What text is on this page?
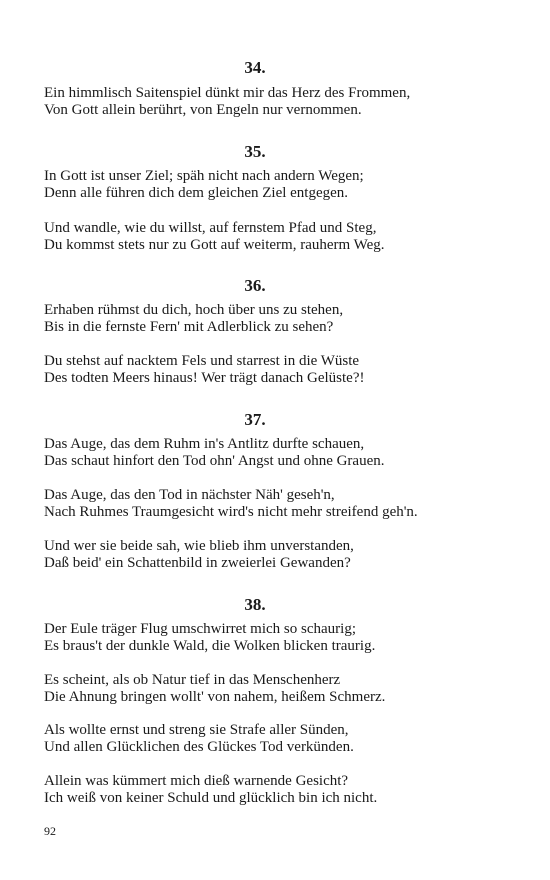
34.

Ein himmlisch Saitenspiel dünkt mir das Herz des Frommen,
Von Gott allein berührt, von Engeln nur vernommen.

35.

In Gott ist unser Ziel; späh nicht nach andern Wegen;
Denn alle führen dich dem gleichen Ziel entgegen.

Und wandle, wie du willst, auf fernstem Pfad und Steg,
Du kommst stets nur zu Gott auf weiterm, rauherm Weg.

36.

Erhaben rühmst du dich, hoch über uns zu stehen,
Bis in die fernste Fern' mit Adlerblick zu sehen?

Du stehst auf nacktem Fels und starrest in die Wüste
Des todten Meers hinaus! Wer trägt danach Gelüste?!

37.

Das Auge, das dem Ruhm in's Antlitz durfte schauen,
Das schaut hinfort den Tod ohn' Angst und ohne Grauen.

Das Auge, das den Tod in nächster Näh' geseh'n,
Nach Ruhmes Traumgesicht wird's nicht mehr streifend geh'n.

Und wer sie beide sah, wie blieb ihm unverstanden,
Daß beid' ein Schattenbild in zweierlei Gewanden?

38.

Der Eule träger Flug umschwirret mich so schaurig;
Es braus't der dunkle Wald, die Wolken blicken traurig.

Es scheint, als ob Natur tief in das Menschenherz
Die Ahnung bringen wollt' von nahem, heißem Schmerz.

Als wollte ernst und streng sie Strafe aller Sünden,
Und allen Glücklichen des Glückes Tod verkünden.

Allein was kümmert mich dieß warnende Gesicht?
Ich weiß von keiner Schuld und glücklich bin ich nicht.

92
